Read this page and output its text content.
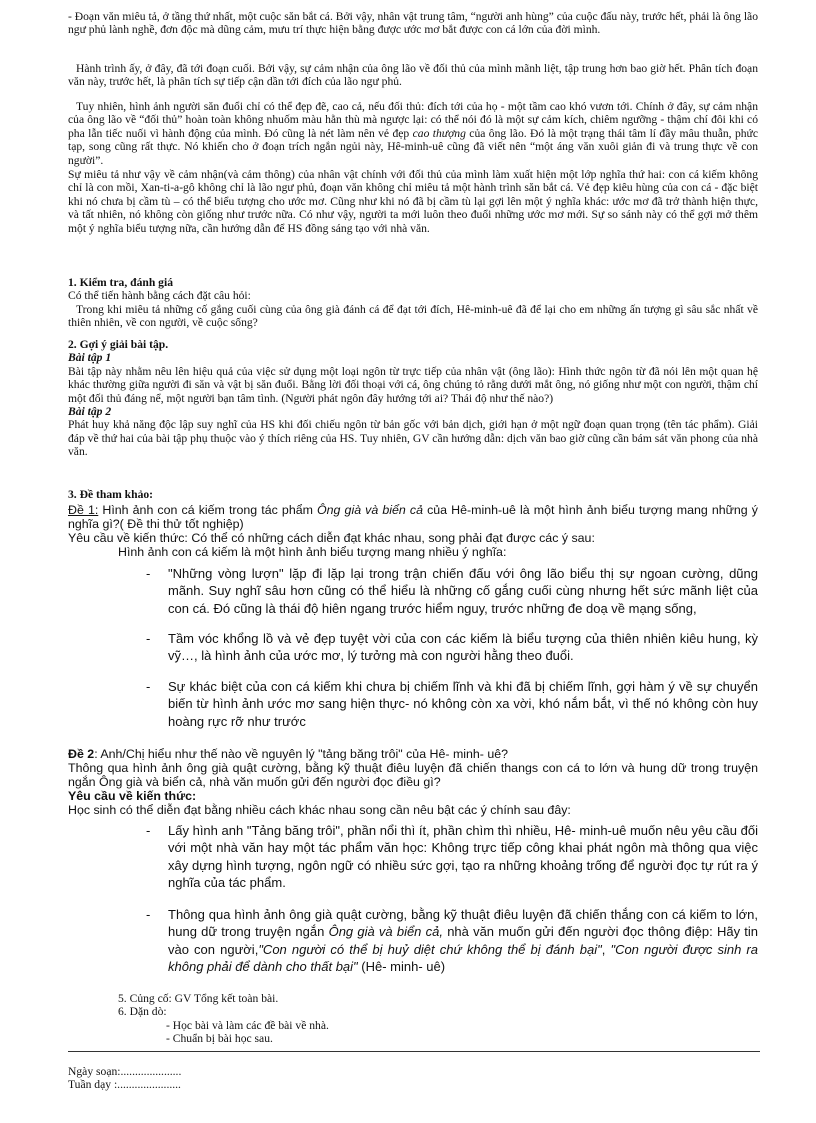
- Đoạn văn miêu tả, ở tầng thứ nhất, một cuộc săn bắt cá. Bởi vậy, nhân vật trung tâm, “người anh hùng” của cuộc đấu này, trước hết, phải là ông lão ngư phủ lành nghề, đơn độc mà dũng cảm, mưu trí thực hiện bằng được ước mơ bắt được con cá lớn của đời mình.

Hành trình ấy, ở đây, đã tới đoạn cuối. Bởi vậy, sự cảm nhận của ông lão về đối thủ của mình mãnh liệt, tập trung hơn bao giờ hết. Phân tích đoạn văn này, trước hết, là phân tích sự tiếp cận dần tới đích của lão ngư phủ.

Tuy nhiên, hình ảnh người săn đuổi chỉ có thể đẹp đẽ, cao cả, nếu đối thủ: đích tới của họ - một tầm cao khó vươn tới. Chính ở đây, sự cảm nhận của ông lão về “đối thủ” hoàn toàn không nhuốm màu hằn thù mà ngược lại: có thể nói đó là một sự cảm kích, chiêm ngưỡng - thậm chí đôi khi có pha lẫn tiếc nuối vì hành động của mình. Đó cũng là nét làm nên vẻ đẹp cao thượng của ông lão. Đó là một trạng thái tâm lí đầy mâu thuẫn, phức tạp, song cũng rất thực. Nó khiến cho ở đoạn trích ngắn ngủi này, Hê-minh-uê cũng đã viết nên “một áng văn xuôi giản đi và trung thực về con người”.

Sự miêu tả như vậy về cảm nhận(và cảm thông) của nhân vật chính với đối thủ của mình làm xuất hiện một lớp nghĩa thứ hai: con cá kiếm không chỉ là con mồi, Xan-ti-a-gô không chỉ là lão ngư phủ, đoạn văn không chỉ miêu tả một hành trình săn bắt cá. Vẻ đẹp kiêu hùng của con cá - đặc biệt khi nó chưa bị cầm tù – có thể biểu tượng cho ước mơ. Cũng như khi nó đã bị cầm tù lại gợi lên một ý nghĩa khác: ước mơ đã trở thành hiện thực, và tất nhiên, nó không còn giống như trước nữa. Có như vậy, người ta mới luôn theo đuổi những ước mơ mới. Sự so sánh này có thể gợi mở thêm một ý nghĩa biểu tượng nữa, cần hướng dẫn để HS đồng sáng tạo với nhà văn.

1. Kiểm tra, đánh giá

Có thể tiến hành bằng cách đặt câu hỏi:

Trong khi miêu tả những cố gắng cuối cùng của ông già đánh cá để đạt tới đích, Hê-minh-uê đã để lại cho em những ấn tượng gì sâu sắc nhất về thiên nhiên, về con người, về cuộc sống?

2. Gợi ý giải bài tập.

Bài tập 1

Bài tập này nhằm nêu lên hiệu quả của việc sử dụng một loại ngôn từ trực tiếp của nhân vật (ông lão): Hình thức ngôn từ đã nói lên một quan hệ khác thường giữa người đi săn và vật bị săn đuổi. Bằng lời đối thoại với cá, ông chúng tỏ rằng dưới mắt ông, nó giống như một con người, thậm chí một đối thủ đáng nể, một người bạn tâm tình. (Người phát ngôn đây hướng tới ai? Thái độ như thế nào?)

Bài tập 2

Phát huy khả năng độc lập suy nghĩ của HS khi đối chiếu ngôn từ bản gốc với bản dịch, giới hạn ở một ngữ đoạn quan trọng (tên tác phẩm). Giải đáp về thứ hai của bài tập phụ thuộc vào ý thích riêng của HS. Tuy nhiên, GV cần hướng dẫn: dịch văn bao giờ cũng cần bám sát văn phong của nhà văn.

3. Đề tham khảo:

Đề 1: Hình ảnh con cá kiếm trong tác phẩm Ông già và biển cả của Hê-minh-uê là một hình ảnh biểu tượng mang những ý nghĩa gì?( Đề thi thử tốt nghiệp)

Yêu cầu về kiến thức: Có thể có những cách diễn đạt khác nhau, song phải đạt được các ý sau:

Hình ảnh con cá kiếm là một hình ảnh biểu tượng mang nhiều ý nghĩa:

- "Những vòng lượn" lặp đi lặp lại trong trận chiến đấu với ông lão biểu thị sự ngoan cường, dũng mãnh. Suy nghĩ sâu hơn cũng có thể hiểu là những cố gắng cuối cùng nhưng hết sức mãnh liệt của con cá. Đó cũng là thái độ hiên ngang trước hiểm nguy, trước những đe doạ về mạng sống,
- Tầm vóc khổng lồ và vẻ đẹp tuyệt vời của con các kiếm là biểu tượng của thiên nhiên kiêu hung, kỳ vỹ…, là hình ảnh của ước mơ, lý tưởng mà con người hằng theo đuổi.
- Sự khác biệt của con cá kiếm khi chưa bị chiếm lĩnh và khi đã bị chiếm lĩnh, gợi hàm ý về sự chuyển biến từ hình ảnh ước mơ sang hiện thực- nó không còn xa vời, khó nắm bắt, vì thế nó không còn huy hoàng rực rỡ như trước

Đề 2: Anh/Chị hiểu như thế nào về nguyên lý "tảng băng trôi" của Hê- minh- uê?

Thông qua hình ảnh ông già quật cường, bằng kỹ thuật điêu luyện đã chiến thangs con cá to lớn và hung dữ trong truyện ngắn Ông già và biển cả, nhà văn muốn gửi đến người đọc điều gì?

Yêu cầu về kiến thức:

Học sinh có thể diễn đạt bằng nhiều cách khác nhau song cần nêu bật các ý chính sau đây:

- Lấy hình anh "Tảng băng trôi", phần nổi thì ít, phần chìm thì nhiều, Hê- minh-uê muốn nêu yêu cầu đối với một nhà văn hay một tác phẩm văn học: Không trực tiếp công khai phát ngôn mà thông qua việc xây dựng hình tượng, ngôn ngữ có nhiều sức gợi, tạo ra những khoảng trống để người đọc tự rút ra ý nghĩa của tác phẩm.
- Thông qua hình ảnh ông già quật cường, bằng kỹ thuật điêu luyện đã chiến thắng con cá kiếm to lớn, hung dữ trong truyện ngắn Ông già và biển cả, nhà văn muốn gửi đến người đọc thông điệp: Hãy tin vào con người,"Con người có thể bị huỷ diệt chứ không thể bị đánh bại", "Con người được sinh ra không phải để dành cho thất bại" (Hê- minh- uê)

5. Củng cố: GV Tổng kết toàn bài.

6. Dặn dò:

- Học bài và làm các đề bài về nhà.

- Chuẩn bị bài học sau.

Ngày soạn:.....................

Tuần dạy :......................
